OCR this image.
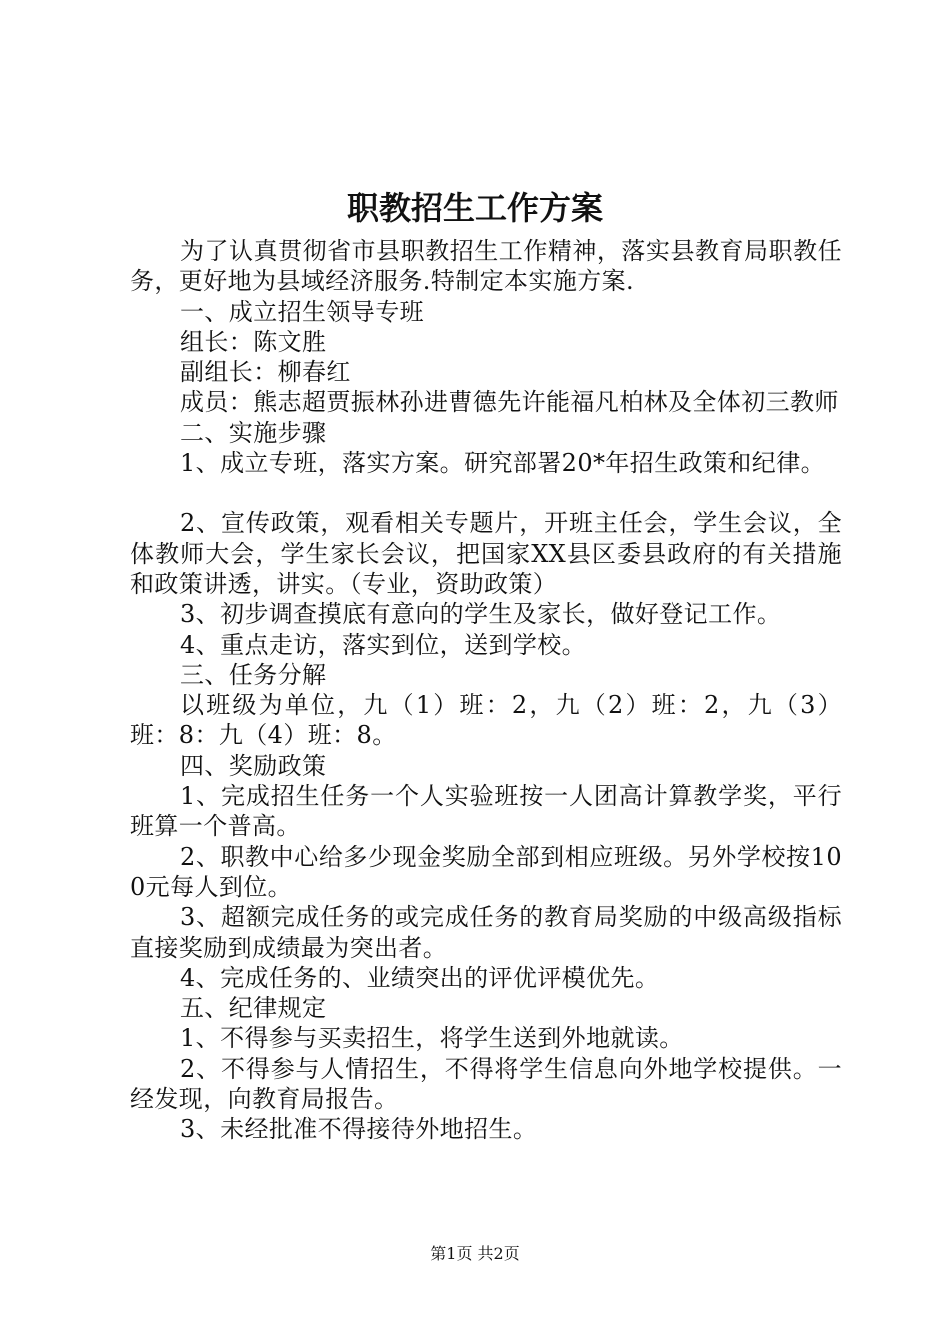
职教招生工作方案

为了认真贯彻省市县职教招生工作精神，落实县教育局职教任务，更好地为县域经济服务.特制定本实施方案.

一、成立招生领导专班

组长：陈文胜

副组长：柳春红

成员：熊志超贾振林孙进曹德先许能福凡柏林及全体初三教师

二、实施步骤

1、成立专班，落实方案。研究部署20*年招生政策和纪律。

2、宣传政策，观看相关专题片，开班主任会，学生会议，全体教师大会，学生家长会议，把国家XX县区委县政府的有关措施和政策讲透，讲实。（专业，资助政策）

3、初步调查摸底有意向的学生及家长，做好登记工作。

4、重点走访，落实到位，送到学校。

三、任务分解

以班级为单位，九（1）班：2，九（2）班：2，九（3）班：8：九（4）班：8。

四、奖励政策

1、完成招生任务一个人实验班按一人团高计算教学奖，平行班算一个普高。

2、职教中心给多少现金奖励全部到相应班级。另外学校按100元每人到位。

3、超额完成任务的或完成任务的教育局奖励的中级高级指标直接奖励到成绩最为突出者。

4、完成任务的、业绩突出的评优评模优先。

五、纪律规定

1、不得参与买卖招生，将学生送到外地就读。

2、不得参与人情招生，不得将学生信息向外地学校提供。一经发现，向教育局报告。

3、未经批准不得接待外地招生。

第1页 共2页
